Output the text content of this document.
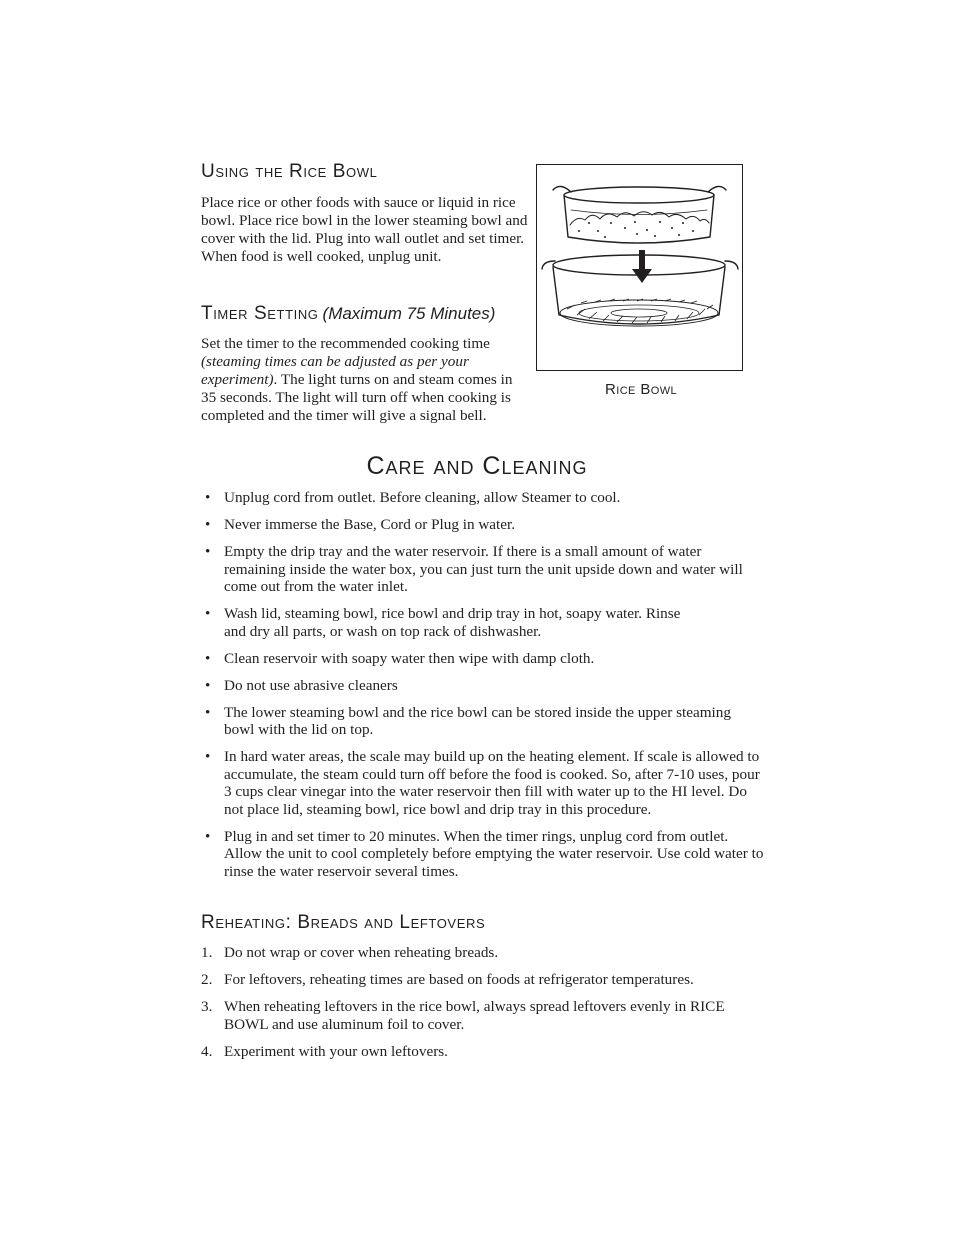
Using the Rice Bowl

Place rice or other foods with sauce or liquid in rice bowl. Place rice bowl in the lower steaming bowl and cover with the lid. Plug into wall outlet and set timer. When food is well cooked, unplug unit.

Timer Setting (Maximum 75 Minutes)

Set the timer to the recommended cooking time (steaming times can be adjusted as per your experiment). The light turns on and steam comes in 35 seconds. The light will turn off when cooking is completed and the timer will give a signal bell.

Rice Bowl
Care and Cleaning
• Unplug cord from outlet. Before cleaning, allow Steamer to cool.
• Never immerse the Base, Cord or Plug in water.
• Empty the drip tray and the water reservoir. If there is a small amount of water remaining inside the water box, you can just turn the unit upside down and water will come out from the water inlet.
• Wash lid, steaming bowl, rice bowl and drip tray in hot, soapy water. Rinse and dry all parts, or wash on top rack of dishwasher.
• Clean reservoir with soapy water then wipe with damp cloth.
• Do not use abrasive cleaners
• The lower steaming bowl and the rice bowl can be stored inside the upper steaming bowl with the lid on top.
• In hard water areas, the scale may build up on the heating element. If scale is allowed to accumulate, the steam could turn off before the food is cooked. So, after 7-10 uses, pour 3 cups clear vinegar into the water reservoir then fill with water up to the HI level. Do not place lid, steaming bowl, rice bowl and drip tray in this procedure.
• Plug in and set timer to 20 minutes. When the timer rings, unplug cord from outlet. Allow the unit to cool completely before emptying the water reservoir. Use cold water to rinse the water reservoir several times.
Reheating: Breads and Leftovers
1. Do not wrap or cover when reheating breads.
2. For leftovers, reheating times are based on foods at refrigerator temperatures.
3. When reheating leftovers in the rice bowl, always spread leftovers evenly in RICE BOWL and use aluminum foil to cover.
4. Experiment with your own leftovers.
